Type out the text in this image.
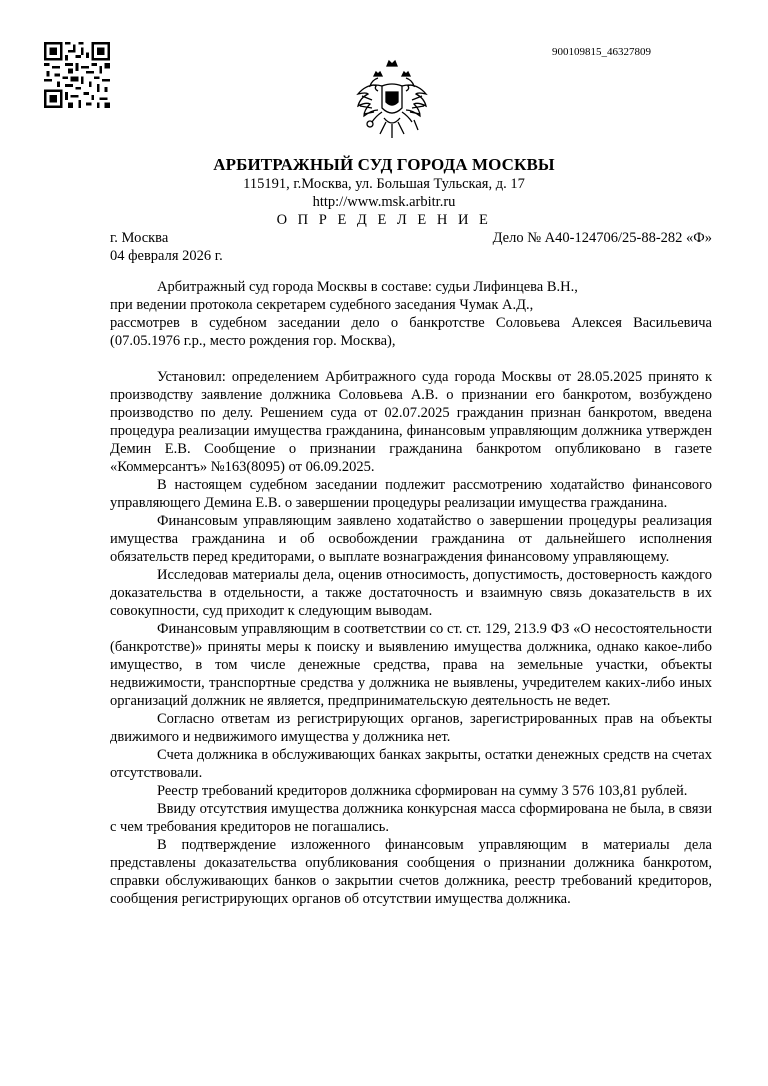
900109815_46327809
АРБИТРАЖНЫЙ СУД ГОРОДА МОСКВЫ
115191, г.Москва, ул. Большая Тульская, д. 17
http://www.msk.arbitr.ru
О П Р Е Д Е Л Е Н И Е
г. Москва	Дело № А40-124706/25-88-282 «Ф»
04 февраля 2026 г.

Арбитражный суд города Москвы в составе: судьи Лифинцева В.Н.,

при ведении протокола секретарем судебного заседания Чумак А.Д.,

рассмотрев в судебном заседании дело о банкротстве Соловьева Алексея Васильевича (07.05.1976 г.р., место рождения гор. Москва),

Установил: определением Арбитражного суда города Москвы от 28.05.2025 принято к производству заявление должника Соловьева А.В. о признании его банкротом, возбуждено производство по делу. Решением суда от 02.07.2025 гражданин признан банкротом, введена процедура реализации имущества гражданина, финансовым управляющим должника утвержден Демин Е.В. Сообщение о признании гражданина банкротом опубликовано в газете «Коммерсантъ» №163(8095) от 06.09.2025.

В настоящем судебном заседании подлежит рассмотрению ходатайство финансового управляющего Демина Е.В. о завершении процедуры реализации имущества гражданина.

Финансовым управляющим заявлено ходатайство о завершении процедуры реализация имущества гражданина и об освобождении гражданина от дальнейшего исполнения обязательств перед кредиторами, о выплате вознаграждения финансовому управляющему.

Исследовав материалы дела, оценив относимость, допустимость, достоверность каждого доказательства в отдельности, а также достаточность и взаимную связь доказательств в их совокупности, суд приходит к следующим выводам.

Финансовым управляющим в соответствии со ст. ст. 129, 213.9 ФЗ «О несостоятельности (банкротстве)» приняты меры к поиску и выявлению имущества должника, однако какое-либо имущество, в том числе денежные средства, права на земельные участки, объекты недвижимости, транспортные средства у должника не выявлены, учредителем каких-либо иных организаций должник не является, предпринимательскую деятельность не ведет.

Согласно ответам из регистрирующих органов, зарегистрированных прав на объекты движимого и недвижимого имущества у должника нет.

Счета должника в обслуживающих банках закрыты, остатки денежных средств на счетах отсутствовали.

Реестр требований кредиторов должника сформирован на сумму 3 576 103,81 рублей.

Ввиду отсутствия имущества должника конкурсная масса сформирована не была, в связи с чем требования кредиторов не погашались.

В подтверждение изложенного финансовым управляющим в материалы дела представлены доказательства опубликования сообщения о признании должника банкротом, справки обслуживающих банков о закрытии счетов должника, реестр требований кредиторов, сообщения регистрирующих органов об отсутствии имущества должника.
